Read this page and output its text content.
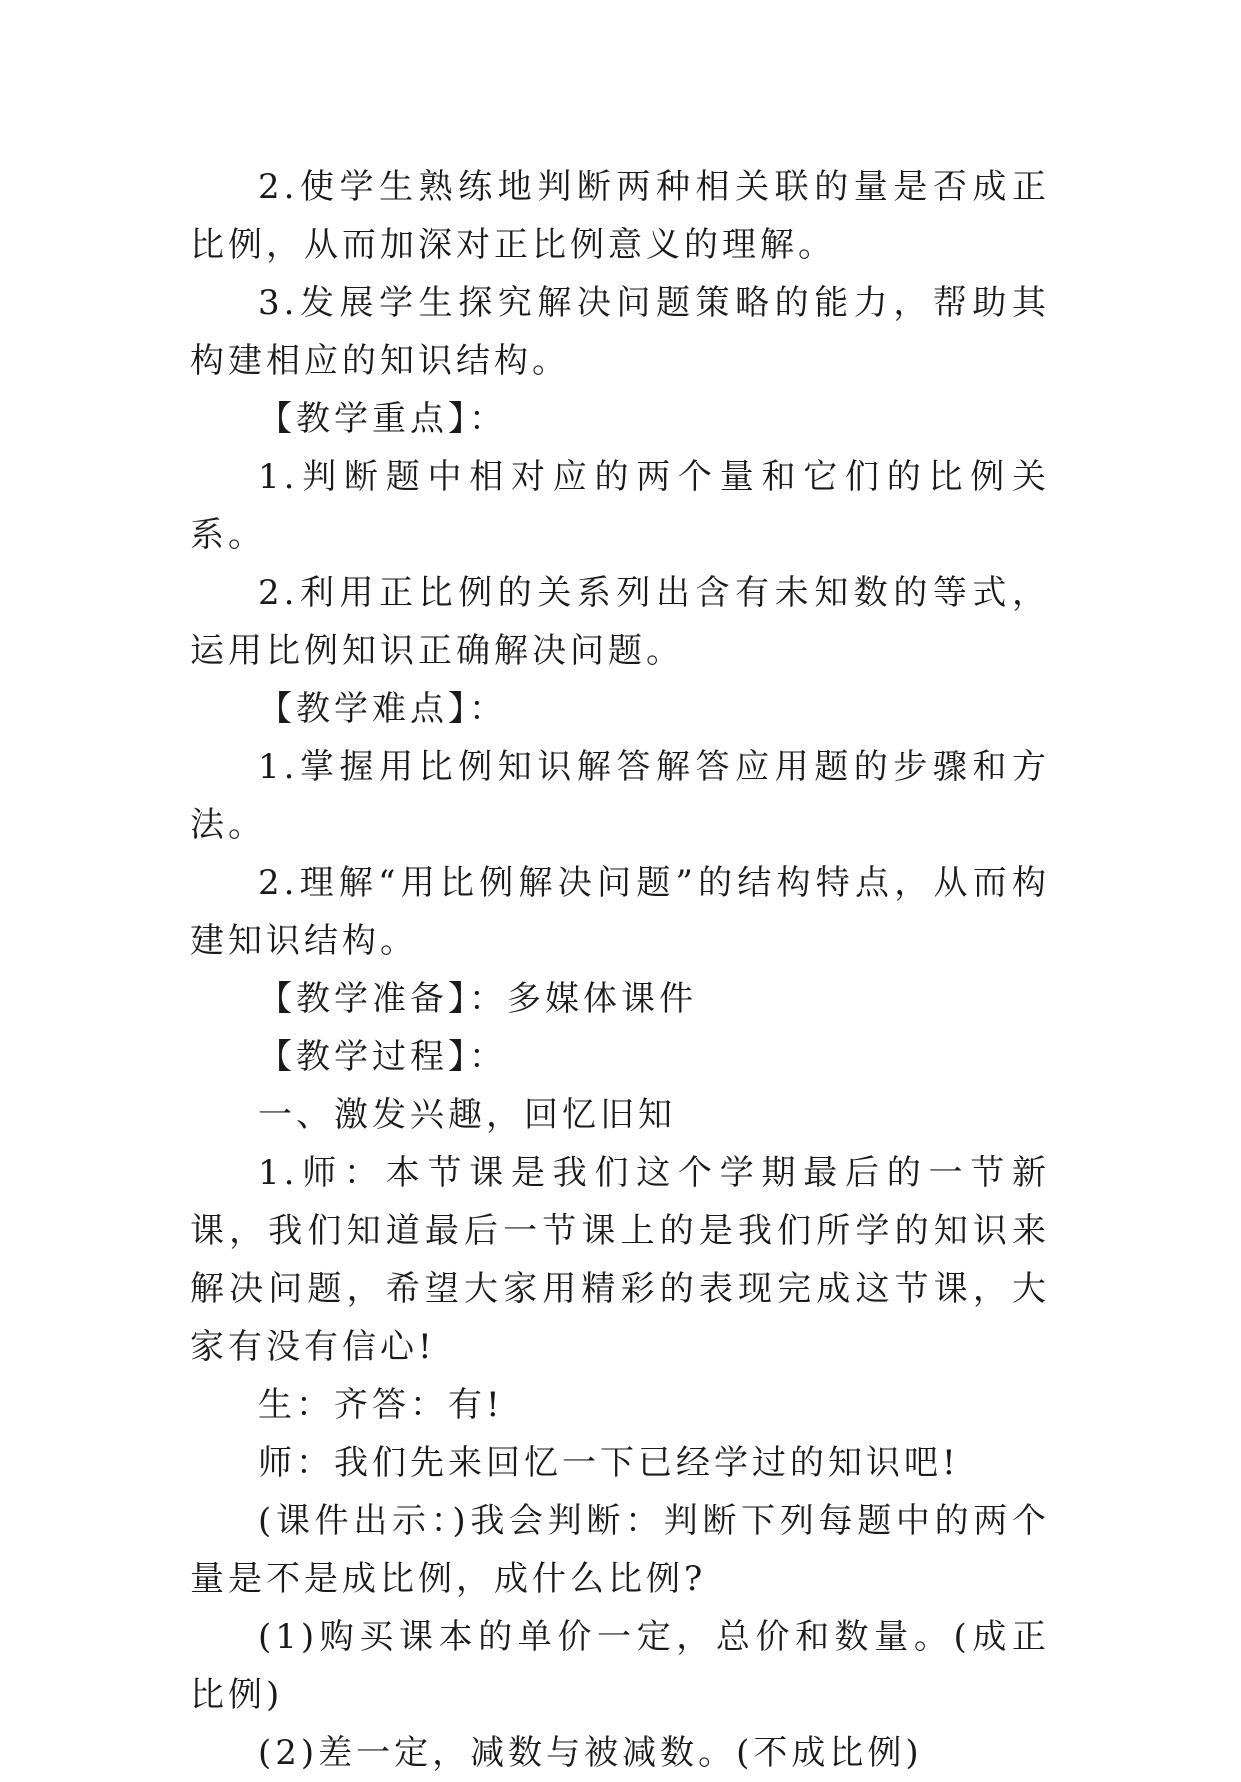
2.使学生熟练地判断两种相关联的量是否成正比例，从而加深对正比例意义的理解。

3.发展学生探究解决问题策略的能力，帮助其构建相应的知识结构。

【教学重点】：

1.判断题中相对应的两个量和它们的比例关系。

2.利用正比例的关系列出含有未知数的等式，运用比例知识正确解决问题。

【教学难点】：

1.掌握用比例知识解答解答应用题的步骤和方法。

2.理解“用比例解决问题”的结构特点，从而构建知识结构。

【教学准备】：多媒体课件

【教学过程】：

一、激发兴趣，回忆旧知

1.师：本节课是我们这个学期最后的一节新课，我们知道最后一节课上的是我们所学的知识来解决问题，希望大家用精彩的表现完成这节课，大家有没有信心!

生：齐答：有!

师：我们先来回忆一下已经学过的知识吧!

(课件出示：)我会判断：判断下列每题中的两个量是不是成比例，成什么比例?

(1)购买课本的单价一定，总价和数量。(成正比例)

(2)差一定，减数与被减数。(不成比例)
